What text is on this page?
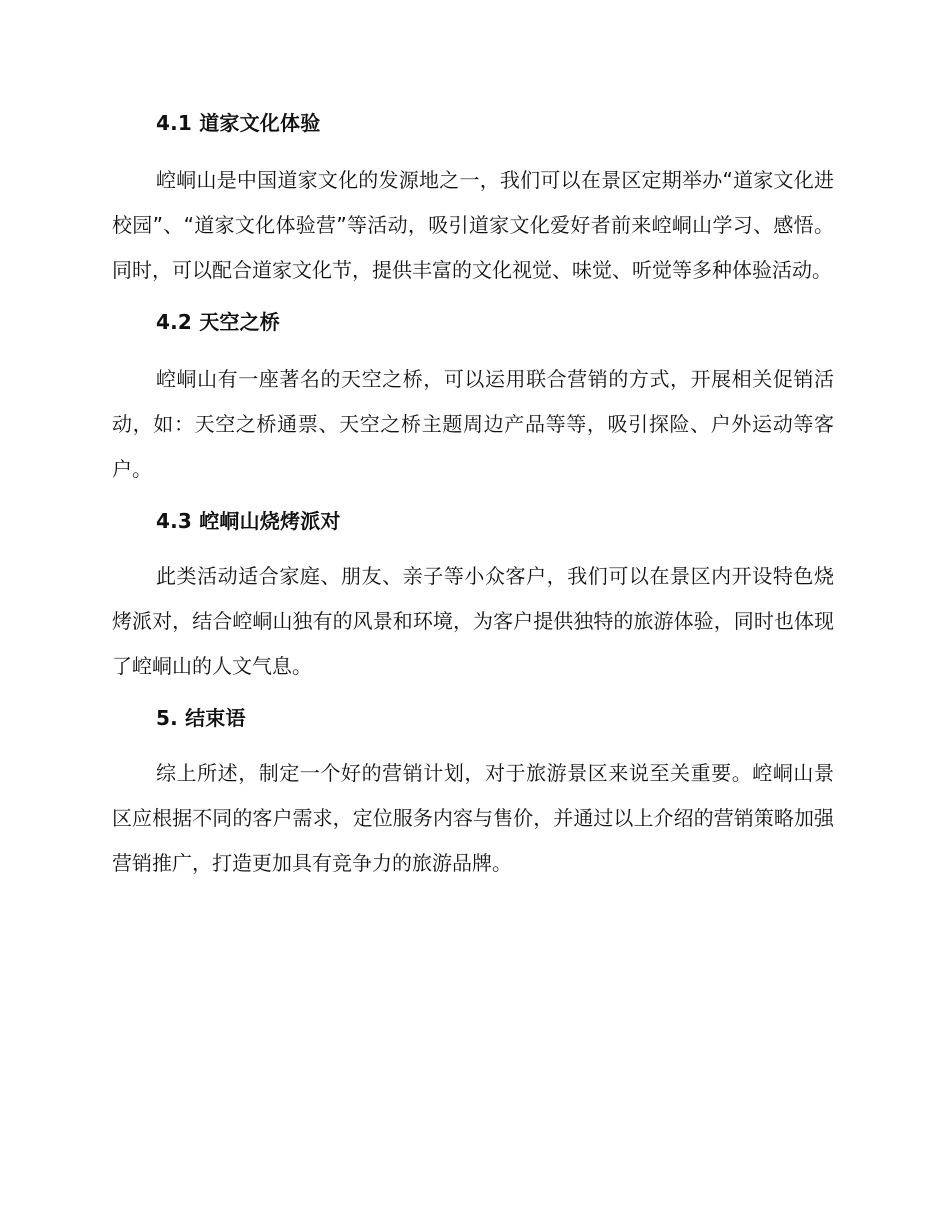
4.1 道家文化体验

崆峒山是中国道家文化的发源地之一，我们可以在景区定期举办“道家文化进校园”、“道家文化体验营”等活动，吸引道家文化爱好者前来崆峒山学习、感悟。同时，可以配合道家文化节，提供丰富的文化视觉、味觉、听觉等多种体验活动。

4.2 天空之桥

崆峒山有一座著名的天空之桥，可以运用联合营销的方式，开展相关促销活动，如：天空之桥通票、天空之桥主题周边产品等等，吸引探险、户外运动等客户。

4.3 崆峒山烧烤派对

此类活动适合家庭、朋友、亲子等小众客户，我们可以在景区内开设特色烧烤派对，结合崆峒山独有的风景和环境，为客户提供独特的旅游体验，同时也体现了崆峒山的人文气息。

5. 结束语

综上所述，制定一个好的营销计划，对于旅游景区来说至关重要。崆峒山景区应根据不同的客户需求，定位服务内容与售价，并通过以上介绍的营销策略加强营销推广，打造更加具有竞争力的旅游品牌。
